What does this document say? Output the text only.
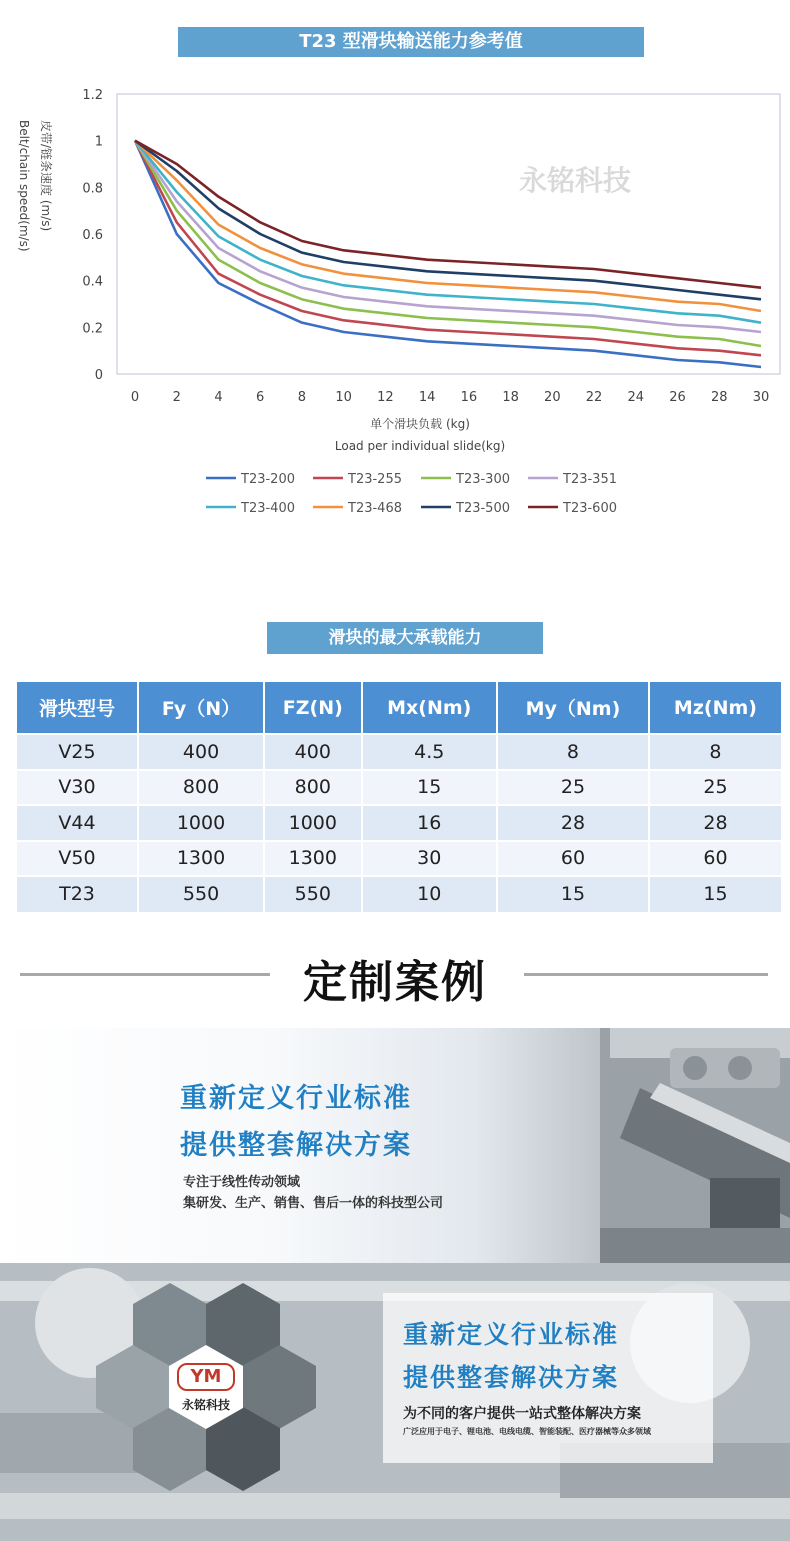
T23 型滑块输送能力参考值
永铭科技
0
0.2
0.4
0.6
0.8
1
1.2
0	2	4	6	8 10 12 14 16 18 20 22 24 26 28 30
单个滑块负载 (kg)
Load per individual slide(kg)
皮带/链条速度 (m/s)
Belt/chain speed(m/s)
T23-200	T23-255	T23-300	T23-351
T23-400	T23-468	T23-500	T23-600
滑块的最大承载能力
滑块型号	Fy（N）	FZ(N)	Mx(Nm)	My（Nm)	Mz(Nm)
V25	400	400	4.5	8	8
V30	800	800	15	25	25
V44	1000	1000	16	28	28
V50	1300	1300	30	60	60
T23	550	550	10	15	15
定制案例
重新定义行业标准
提供整套解决方案
专注于线性传动领域
集研发、生产、销售、售后一体的科技型公司
YM
永铭科技
重新定义行业标准
提供整套解决方案
为不同的客户提供一站式整体解决方案
广泛应用于电子、锂电池、电线电缆、智能装配、医疗器械等众多领域
